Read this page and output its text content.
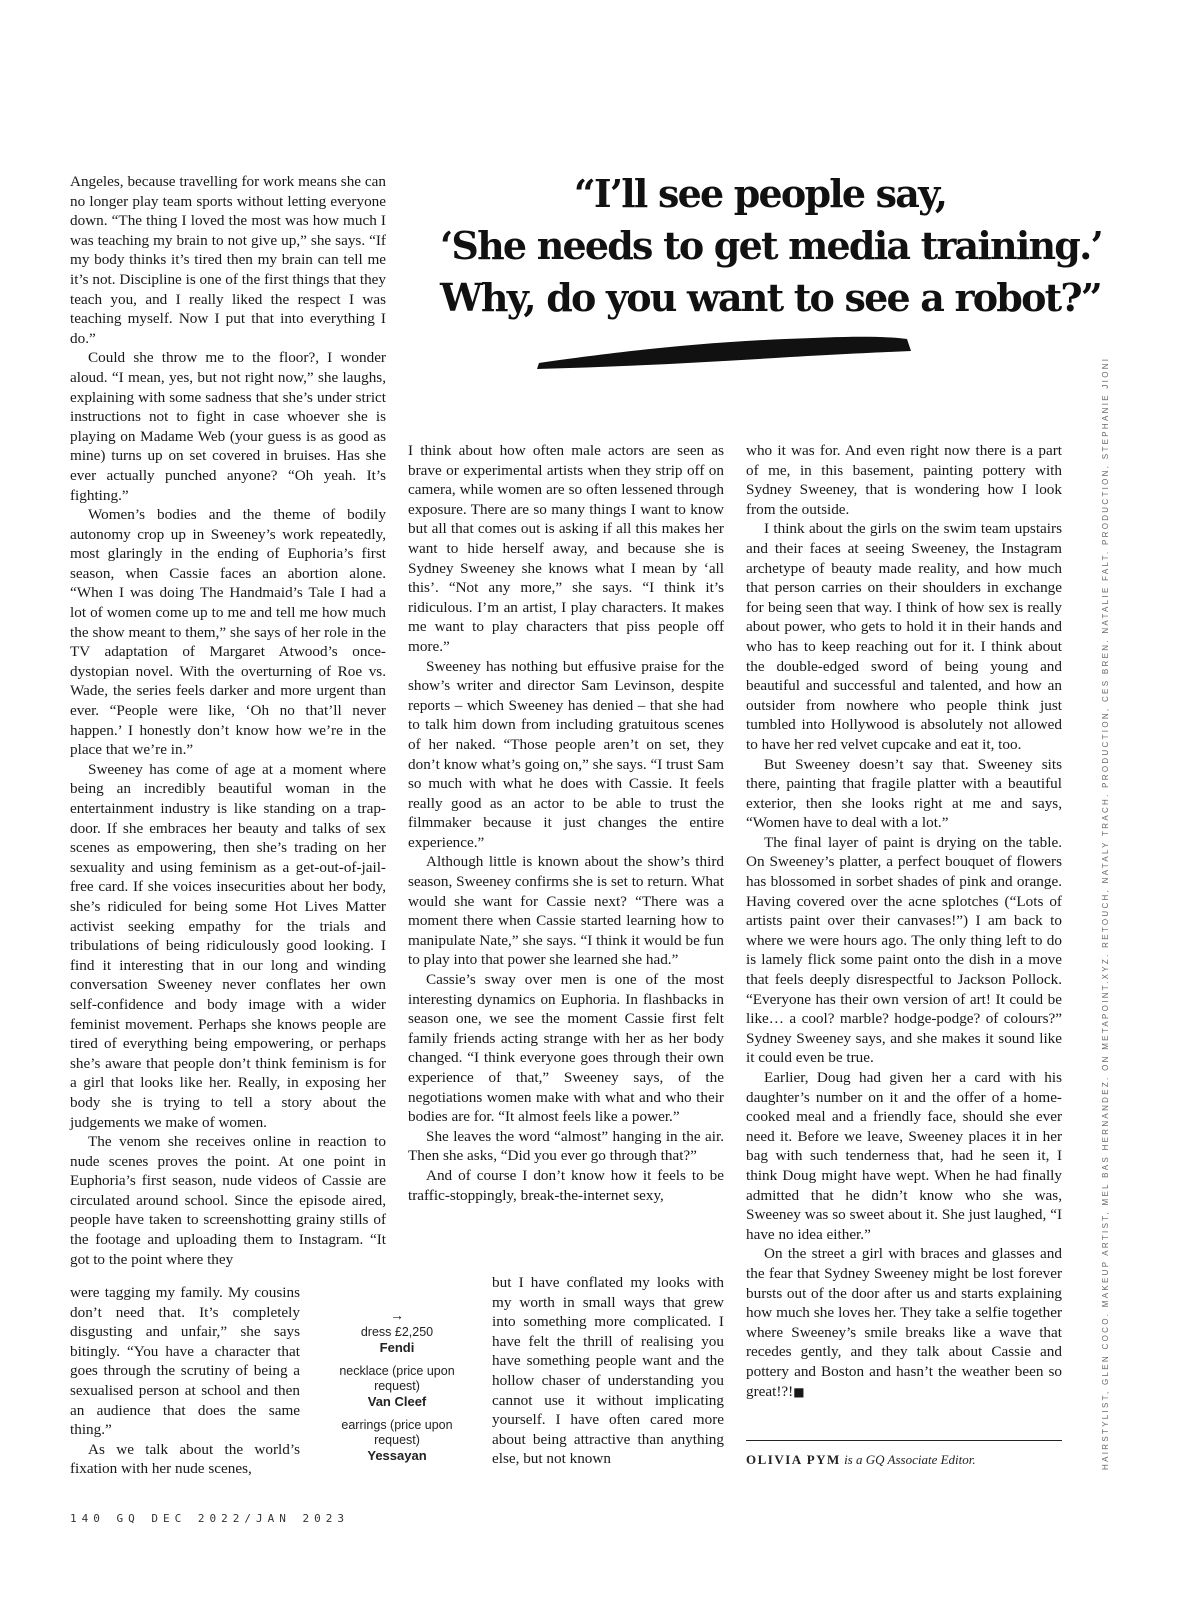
“I’ll see people say,
‘She needs to get media training.’
Why, do you want to see a robot?”

Angeles, because travelling for work means she can no longer play team sports without letting everyone down. “The thing I loved the most was how much I was teaching my brain to not give up,” she says. “If my body thinks it’s tired then my brain can tell me it’s not. Discipline is one of the first things that they teach you, and I really liked the respect I was teaching myself. Now I put that into everything I do.”

Could she throw me to the floor?, I wonder aloud. “I mean, yes, but not right now,” she laughs, explaining with some sadness that she’s under strict instructions not to fight in case whoever she is playing on Madame Web (your guess is as good as mine) turns up on set covered in bruises. Has she ever actually punched anyone? “Oh yeah. It’s fighting.”

Women’s bodies and the theme of bodily autonomy crop up in Sweeney’s work repeatedly, most glaringly in the ending of Euphoria’s first season, when Cassie faces an abortion alone. “When I was doing The Handmaid’s Tale I had a lot of women come up to me and tell me how much the show meant to them,” she says of her role in the TV adaptation of Margaret Atwood’s once-dystopian novel. With the overturning of Roe vs. Wade, the series feels darker and more urgent than ever. “People were like, ‘Oh no that’ll never happen.’ I honestly don’t know how we’re in the place that we’re in.”

Sweeney has come of age at a moment where being an incredibly beautiful woman in the entertainment industry is like standing on a trap-door. If she embraces her beauty and talks of sex scenes as empowering, then she’s trading on her sexuality and using feminism as a get-out-of-jail-free card. If she voices insecurities about her body, she’s ridiculed for being some Hot Lives Matter activist seeking empathy for the trials and tribulations of being ridiculously good looking. I find it interesting that in our long and winding conversation Sweeney never conflates her own self-confidence and body image with a wider feminist movement. Perhaps she knows people are tired of everything being empowering, or perhaps she’s aware that people don’t think feminism is for a girl that looks like her. Really, in exposing her body she is trying to tell a story about the judgements we make of women.

The venom she receives online in reaction to nude scenes proves the point. At one point in Euphoria’s first season, nude videos of Cassie are circulated around school. Since the episode aired, people have taken to screenshotting grainy stills of the footage and uploading them to Instagram. “It got to the point where they

were tagging my family. My cousins don’t need that. It’s completely disgusting and unfair,” she says bitingly. “You have a character that goes through the scrutiny of being a sexualised person at school and then an audience that does the same thing.”

As we talk about the world’s fixation with her nude scenes,

I think about how often male actors are seen as brave or experimental artists when they strip off on camera, while women are so often lessened through exposure. There are so many things I want to know but all that comes out is asking if all this makes her want to hide herself away, and because she is Sydney Sweeney she knows what I mean by ‘all this’. “Not any more,” she says. “I think it’s ridiculous. I’m an artist, I play characters. It makes me want to play characters that piss people off more.”

Sweeney has nothing but effusive praise for the show’s writer and director Sam Levinson, despite reports – which Sweeney has denied – that she had to talk him down from including gratuitous scenes of her naked. “Those people aren’t on set, they don’t know what’s going on,” she says. “I trust Sam so much with what he does with Cassie. It feels really good as an actor to be able to trust the filmmaker because it just changes the entire experience.”

Although little is known about the show’s third season, Sweeney confirms she is set to return. What would she want for Cassie next? “There was a moment there when Cassie started learning how to manipulate Nate,” she says. “I think it would be fun to play into that power she learned she had.”

Cassie’s sway over men is one of the most interesting dynamics on Euphoria. In flashbacks in season one, we see the moment Cassie first felt family friends acting strange with her as her body changed. “I think everyone goes through their own experience of that,” Sweeney says, of the negotiations women make with what and who their bodies are for. “It almost feels like a power.”

She leaves the word “almost” hanging in the air. Then she asks, “Did you ever go through that?”

And of course I don’t know how it feels to be traffic-stoppingly, break-the-internet sexy,

but I have conflated my looks with my worth in small ways that grew into something more complicated. I have felt the thrill of realising you have something people want and the hollow chaser of understanding you cannot use it without implicating yourself. I have often cared more about being attractive than anything else, but not known

who it was for. And even right now there is a part of me, in this basement, painting pottery with Sydney Sweeney, that is wondering how I look from the outside.

I think about the girls on the swim team upstairs and their faces at seeing Sweeney, the Instagram archetype of beauty made reality, and how much that person carries on their shoulders in exchange for being seen that way. I think of how sex is really about power, who gets to hold it in their hands and who has to keep reaching out for it. I think about the double-edged sword of being young and beautiful and successful and talented, and how an outsider from nowhere who people think just tumbled into Hollywood is absolutely not allowed to have her red velvet cupcake and eat it, too.

But Sweeney doesn’t say that. Sweeney sits there, painting that fragile platter with a beautiful exterior, then she looks right at me and says, “Women have to deal with a lot.”

The final layer of paint is drying on the table. On Sweeney’s platter, a perfect bouquet of flowers has blossomed in sorbet shades of pink and orange. Having covered over the acne splotches (“Lots of artists paint over their canvases!”) I am back to where we were hours ago. The only thing left to do is lamely flick some paint onto the dish in a move that feels deeply disrespectful to Jackson Pollock. “Everyone has their own version of art! It could be like… a cool? marble? hodge-podge? of colours?” Sydney Sweeney says, and she makes it sound like it could even be true.

Earlier, Doug had given her a card with his daughter’s number on it and the offer of a home-cooked meal and a friendly face, should she ever need it. Before we leave, Sweeney places it in her bag with such tenderness that, had he seen it, I think Doug might have wept. When he had finally admitted that he didn’t know who she was, Sweeney was so sweet about it. She just laughed, “I have no idea either.”

On the street a girl with braces and glasses and the fear that Sydney Sweeney might be lost forever bursts out of the door after us and starts explaining how much she loves her. They take a selfie together where Sweeney’s smile breaks like a wave that recedes gently, and they talk about Cassie and pottery and Boston and hasn’t the weather been so great!?!■

→
dress £2,250
Fendi
necklace (price upon request)
Van Cleef
earrings (price upon request)
Yessayan	OLIVIA PYM is a GQ Associate Editor.
140 GQ DEC 2022/JAN 2023
HAIRSTYLIST, GLEN COCO. MAKEUP ARTIST, MEL BAS HERNANDEZ. ON METAPOINT.XYZ. RETOUCH, NATALY TRACH. PRODUCTION, CES BREN. NATALIE FALT. PRODUCTION, STEPHANIE JIONI
